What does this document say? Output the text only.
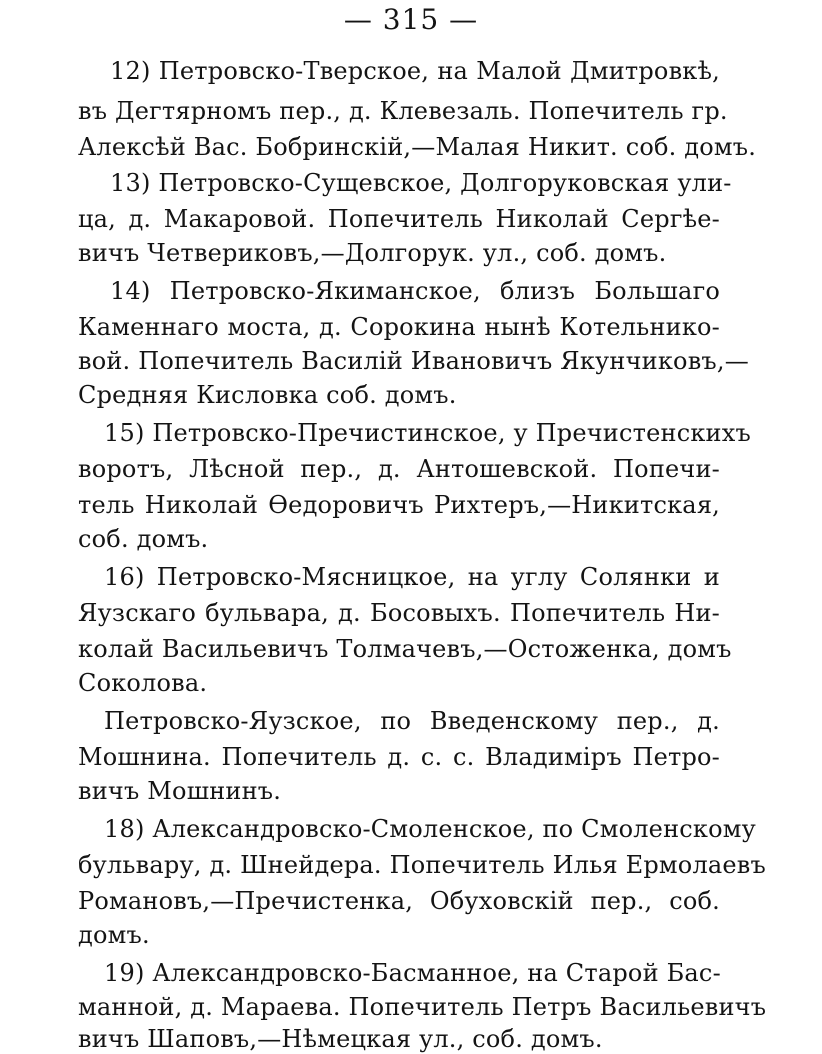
— 315 —
12) Петровско-Тверское, на Малой Дмитровкѣ,
въ Дегтярномъ пер., д. Клевезаль. Попечитель гр.
Алексѣй Вас. Бобринскій,—Малая Никит. соб. домъ.
13) Петровско-Сущевское, Долгоруковская ули-
ца, д. Макаровой. Попечитель Николай Сергѣе-
вичъ Четвериковъ,—Долгорук. ул., соб. домъ.
14) Петровско-Якиманское, близъ Большаго
Каменнаго моста, д. Сорокина нынѣ Котельнико-
вой. Попечитель Василій Ивановичъ Якунчиковъ,—
Средняя Кисловка соб. домъ.
15) Петровско-Пречистинское, у Пречистенскихъ
воротъ, Лѣсной пер., д. Антошевской. Попечи-
тель Николай Өедоровичъ Рихтеръ,—Никитская,
соб. домъ.
16) Петровско-Мясницкое, на углу Солянки и
Яузскаго бульвара, д. Босовыхъ. Попечитель Ни-
колай Васильевичъ Толмачевъ,—Остоженка, домъ
Соколова.
Петровско-Яузское, по Введенскому пер., д.
Мошнина. Попечитель д. с. с. Владиміръ Петро-
вичъ Мошнинъ.
18) Александровско-Смоленское, по Смоленскому
бульвару, д. Шнейдера. Попечитель Илья Ермолаевъ
Романовъ,—Пречистенка, Обуховскій пер., соб.
домъ.
19) Александровско-Басманное, на Старой Бас-
манной, д. Мараева. Попечитель Петръ Васильевичъ
вичъ Шаповъ,—Нѣмецкая ул., соб. домъ.
